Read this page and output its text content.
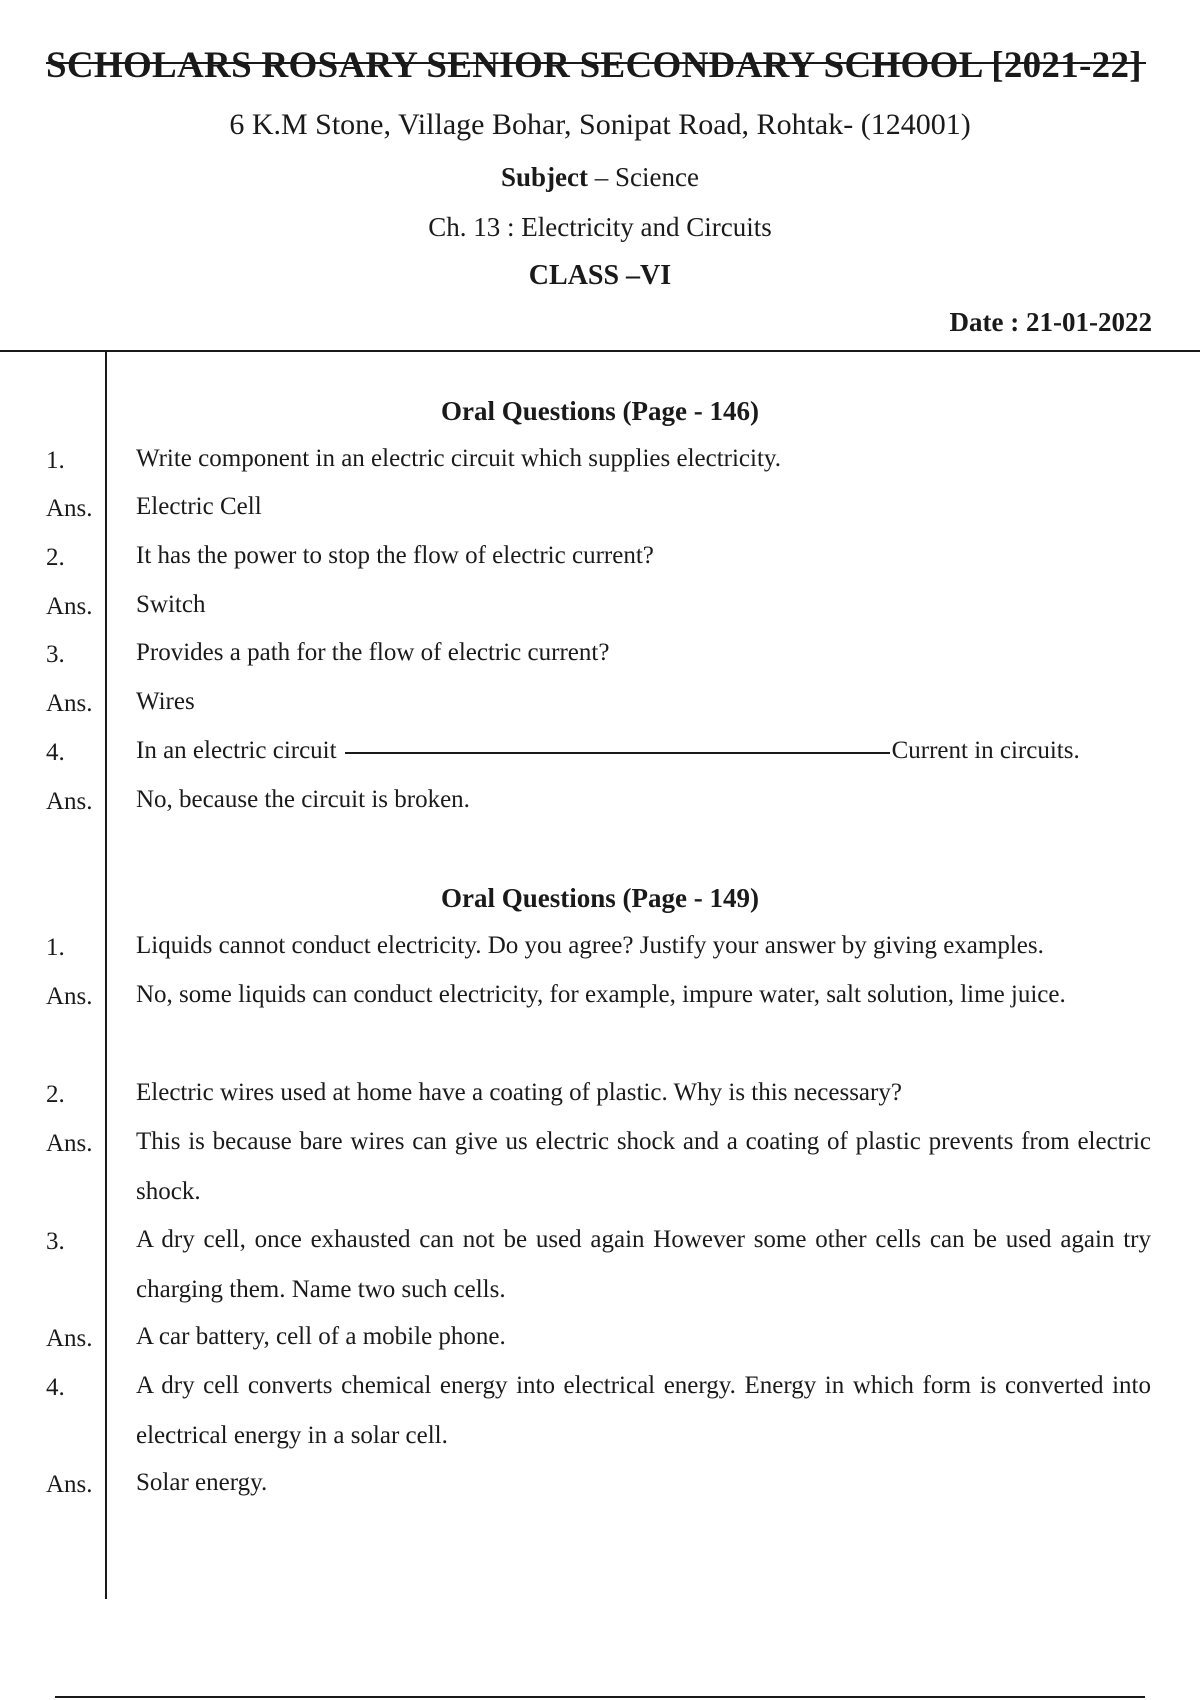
SCHOLARS ROSARY SENIOR SECONDARY SCHOOL [2021-22]
6 K.M Stone, Village Bohar, Sonipat Road, Rohtak- (124001)
Subject – Science
Ch. 13 : Electricity and Circuits
CLASS –VI
Date : 21-01-2022
Oral Questions (Page - 146)
1.	Write component in an electric circuit which supplies electricity.
Ans. Electric Cell
2.	It has the power to stop the flow of electric current?
Ans. Switch
3.	Provides a path for the flow of electric current?
Ans. Wires
4.	In an electric circuit	Current in circuits.
Ans. No, because the circuit is broken.
Oral Questions (Page - 149)
1.	Liquids cannot conduct electricity. Do you agree? Justify your answer by giving examples.
Ans. No, some liquids can conduct electricity, for example, impure water, salt solution, lime juice.
2.	Electric wires used at home have a coating of plastic. Why is this necessary?
Ans. This is because bare wires can give us electric shock and a coating of plastic prevents from electric shock.
3.	A dry cell, once exhausted can not be used again However some other cells can be used again try charging them. Name two such cells.
Ans. A car battery, cell of a mobile phone.
4.	A dry cell converts chemical energy into electrical energy. Energy in which form is converted into electrical energy in a solar cell.
Ans. Solar energy.
